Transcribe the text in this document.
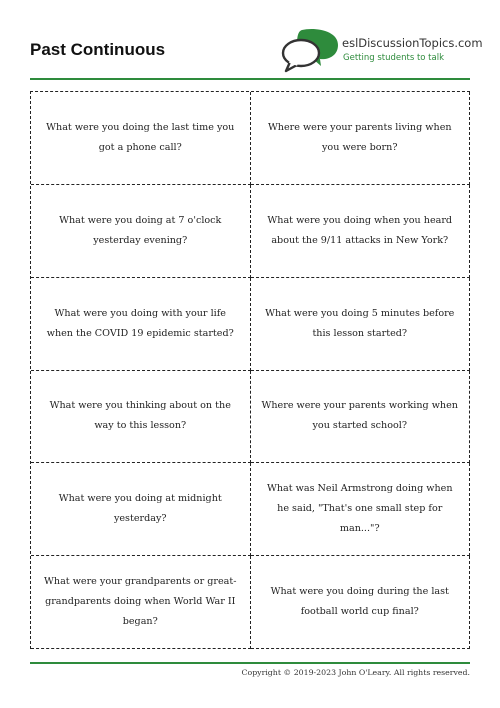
Past Continuous	eslDiscussionTopics.com
Getting students to talk
What were you doing the last time you got a phone call?
Where were your parents living when you were born?
What were you doing at 7 o'clock yesterday evening?
What were you doing when you heard about the 9/11 attacks in New York?
What were you doing with your life when the COVID 19 epidemic started?
What were you doing 5 minutes before this lesson started?
What were you thinking about on the way to this lesson?
Where were your parents working when you started school?
What were you doing at midnight yesterday?
What was Neil Armstrong doing when he said, "That's one small step for man..."?
What were your grandparents or great-grandparents doing when World War II began?
What were you doing during the last football world cup final?
Copyright © 2019-2023 John O'Leary. All rights reserved.
